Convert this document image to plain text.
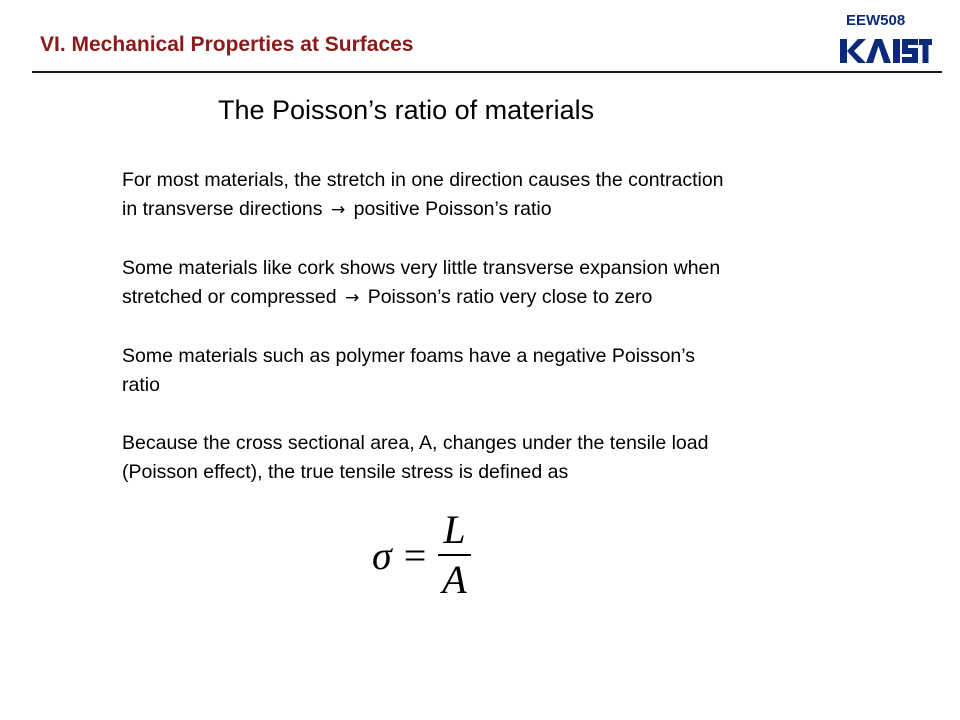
VI. Mechanical Properties at Surfaces
EEW508
The Poisson’s ratio of materials
For most materials, the stretch in one direction causes the contraction
in transverse directions → positive Poisson’s ratio
Some materials like cork shows very little transverse expansion when
stretched or compressed → Poisson’s ratio very close to zero
Some materials such as polymer foams have a negative Poisson’s
ratio
Because the cross sectional area, A, changes under the tensile load
(Poisson effect), the true tensile stress is defined as
$\sigma = \frac{L}{A}$
